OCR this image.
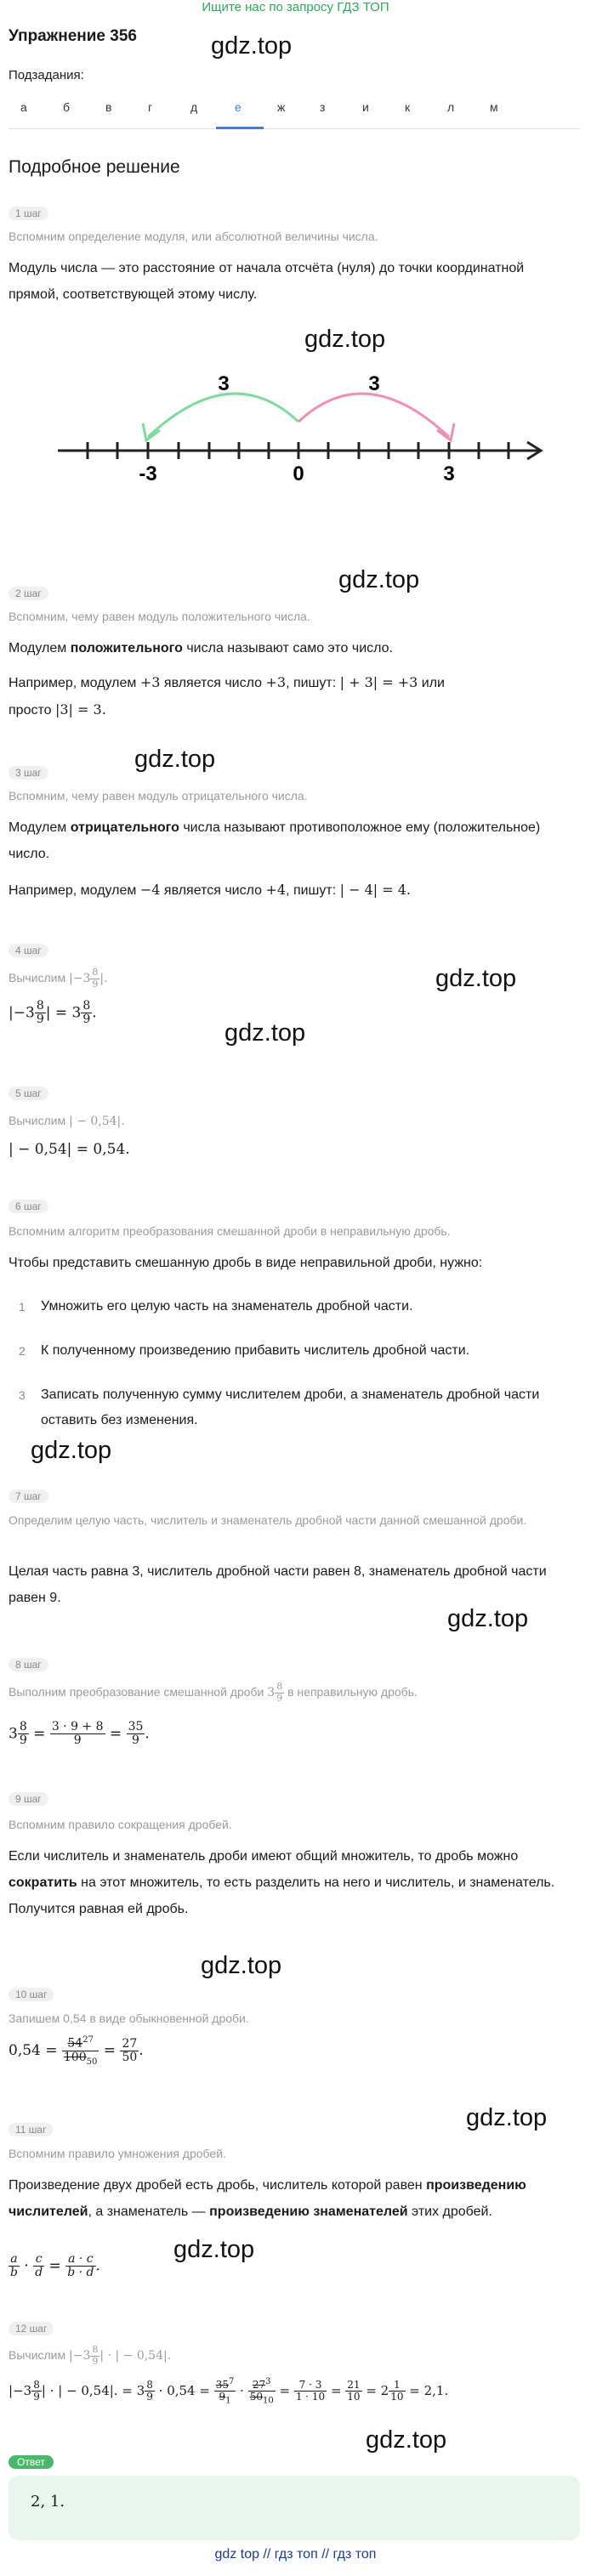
Ищите нас по запросу ГДЗ ТОП
Упражнение 356	gdz.top
Подзадания:
а	б	в	г	д	е	ж	з	и	к	л	м
Подробное решение
1 шаг
Вспомним определение модуля, или абсолютной величины числа.
Модуль числа — это расстояние от начала отсчёта (нуля) до точки координатной прямой, соответствующей этому числу.
gdz.top
3	3
-3	0	3
gdz.top
2 шаг
Вспомним, чему равен модуль положительного числа.
Модулем положительного числа называют само это число.
Например, модулем +3 является число +3, пишут: | + 3| = +3 или
просто |3| = 3.
gdz.top
3 шаг
Вспомним, чему равен модуль отрицательного числа.
Модулем отрицательного числа называют противоположное ему (положительное) число.
Например, модулем −4 является число +4, пишут: | − 4| = 4.
4 шаг
gdz.top
Вычислим $|-3 \frac{8}{9}$ |.
$|-3 \frac{8}{9}$ | = $3 \frac{8}{9}$ .
gdz.top
5 шаг
Вычислим | − 0,54|.
| − 0,54| = 0,54.
6 шаг
Вспомним алгоритм преобразования смешанной дроби в неправильную дробь.
Чтобы представить смешанную дробь в виде неправильной дроби, нужно:
1 Умножить его целую часть на знаменатель дробной части.
2 К полученному произведению прибавить числитель дробной части.
3 Записать полученную сумму числителем дроби, а знаменатель дробной части оставить без изменения.
gdz.top
7 шаг
Определим целую часть, числитель и знаменатель дробной части данной смешанной дроби.
Целая часть равна 3, числитель дробной части равен 8, знаменатель дробной части равен 9.
gdz.top
8 шаг
Выполним преобразование смешанной дроби $3 \frac{8}{9}$ в неправильную дробь.
$3 \frac{8}{9} = \frac{3 \cdot 9 + 8}{9} = \frac{35}{9}$ .
9 шаг
Вспомним правило сокращения дробей.
Если числитель и знаменатель дроби имеют общий множитель, то дробь можно сократить на этот множитель, то есть разделить на него и числитель, и знаменатель. Получится равная ей дробь.
gdz.top
10 шаг
Запишем 0,54 в виде обыкновенной дроби.
$0,54 = \frac{54^{27}}{100_{50}} = \frac{27}{50}$ .
gdz.top
11 шаг
Вспомним правило умножения дробей.
Произведение двух дробей есть дробь, числитель которой равен произведению числителей, а знаменатель — произведению знаменателей этих дробей.
gdz.top
$\frac{a}{b} \cdot \frac{c}{d} = \frac{a \cdot c}{b \cdot d}$ .
12 шаг
Вычислим $|-3 \frac{8}{9}$ | · | − 0,54|.
$|-3 \frac{8}{9}$ | · | − 0,54|. = $3 \frac{8}{9} \cdot 0,54 = \frac{35^7}{9_1} \cdot \frac{27^3}{50_{10}} = \frac{7 \cdot 3}{1 \cdot 10} = \frac{21}{10} = 2 \frac{1}{10} = 2,1$.
gdz.top
Ответ
2, 1.
gdz top // гдз топ // гдз топ
